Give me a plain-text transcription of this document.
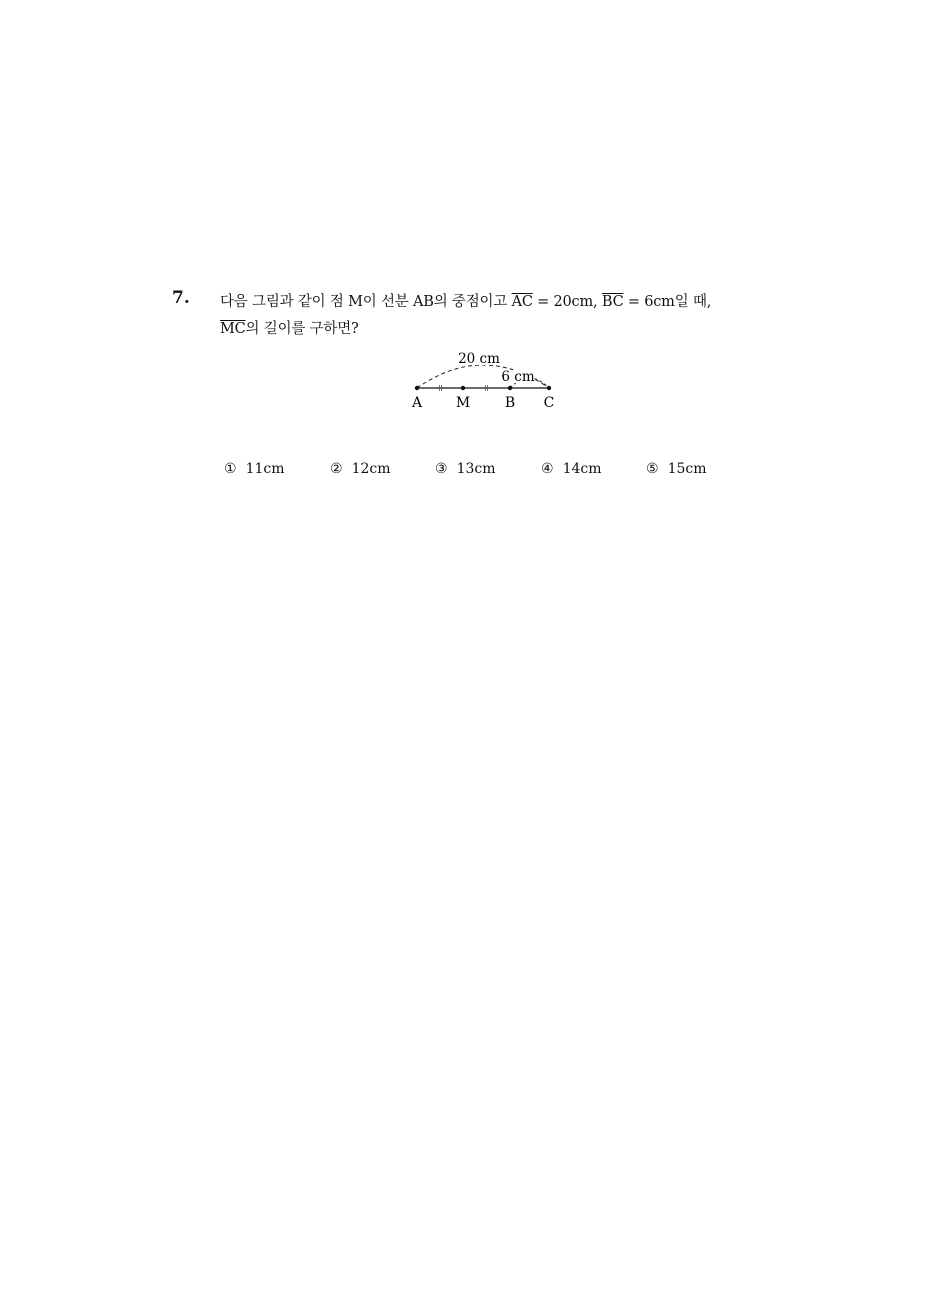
7. 다음 그림과 같이 점 M이 선분 AB의 중점이고 $\overline{AC} = 20cm$, $\overline{BC} = 6cm$일 때,
$\overline{MC}$의 길이를 구하면?
20 cm
6 cm
A M B C
① 11cm	② 12cm	③ 13cm	④ 14cm	⑤ 15cm
